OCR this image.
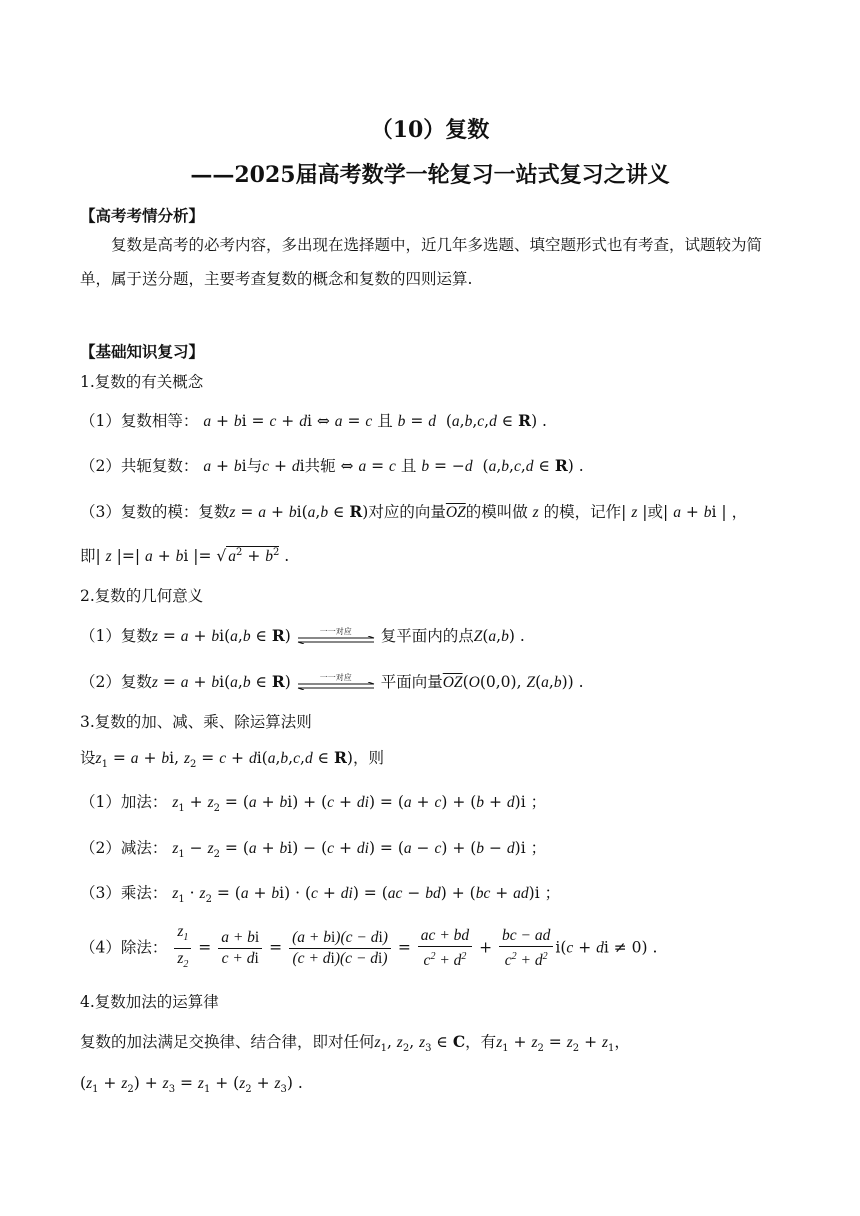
（10）复数
——2025届高考数学一轮复习一站式复习之讲义
【高考考情分析】
复数是高考的必考内容，多出现在选择题中，近几年多选题、填空题形式也有考查，试题较为简单，属于送分题，主要考查复数的概念和复数的四则运算.
【基础知识复习】
1.复数的有关概念
（1）复数相等： a + bi = c + di ⇔ a = c 且 b = d  (a,b,c,d ∈ R) .
（2）共轭复数： a + bi与c + di共轭 ⇔ a = c 且 b = −d  (a,b,c,d ∈ R) .
（3）复数的模：复数z = a + bi(a,b ∈ R)对应的向量$\overline{OZ}$的模叫做 z 的模，记作| z |或| a + bi | ，
即| z |=| a + bi |= √ $a^2 + b^2$ .
2.复数的几何意义
（1）复数z = a + bi(a,b ∈ R)	一一对应	复平面内的点Z(a,b) .
（2）复数z = a + bi(a,b ∈ R)	一一对应	平面向量$\overline{OZ}(O(0,0)$, Z(a,b)) .
3.复数的加、减、乘、除运算法则
设$z_1 = a$ + bi, $z_2 = c + di(a,b,c,d$ ∈ R)，则
（1）加法： $z_1 + z_2 = (a + bi) + (c + di) = (a + c) + (b + d)i$ ；
（2）减法： $z_1 - z_2 = (a + bi) - (c + di) = (a - c) + (b - d)i$ ；
（3）乘法： $z_1 \cdot z_2 = (a + bi) \cdot (c + di) = (ac - bd) + (bc + ad)i$ ；
（4）除法： $\frac{z_1}{z_2} = \frac{a + bi}{c + di} = \frac{(a + bi)(c - di)}{(c + di)(c - di)} = \frac{ac + bd}{c^2 + d^2} + \frac{bc - ad}{c^2 + d^2} i(c$ + di ≠ 0) .
4.复数加法的运算律
复数的加法满足交换律、结合律，即对任何$z_1$, $z_2$, $z_3$ ∈ C，有$z_1 + z_2 = z_2 + z_1$，
$(z_1 + z_2) + z_3 = z_1 + (z_2 + z_3)$ .
